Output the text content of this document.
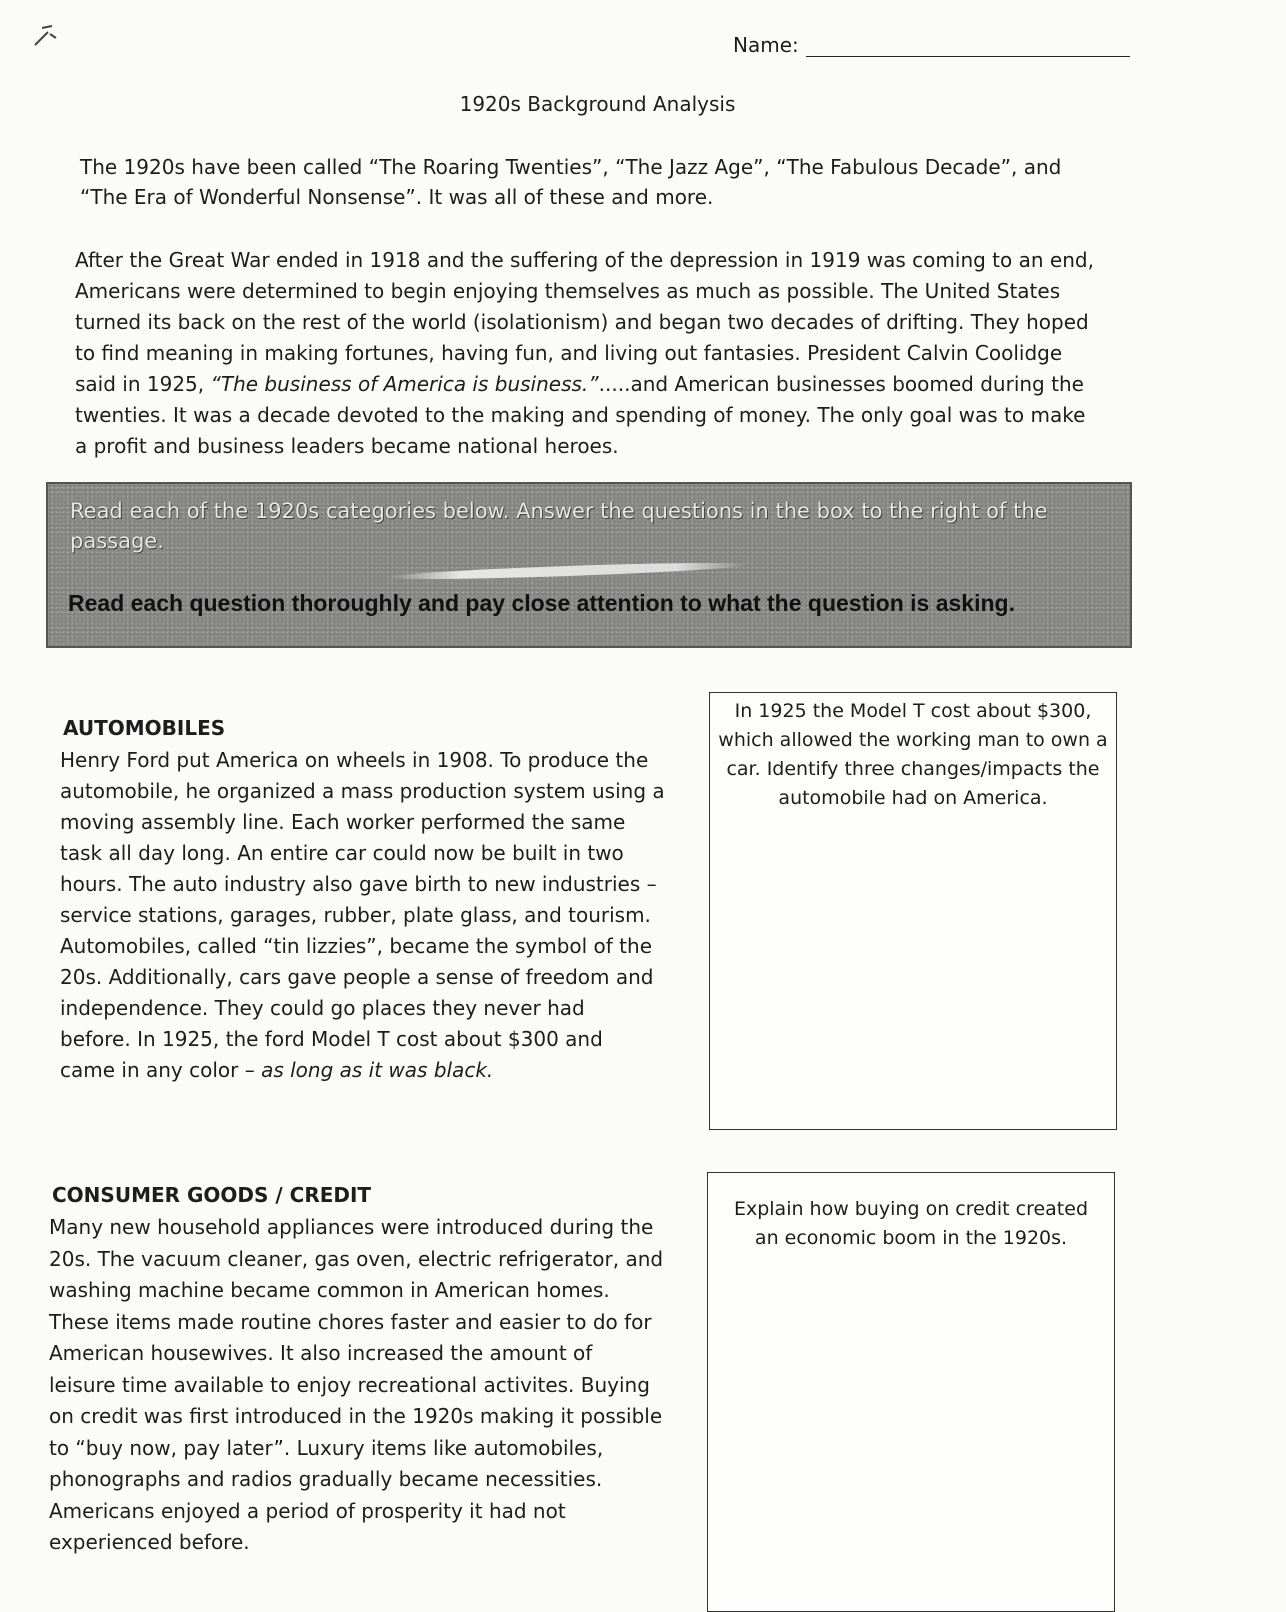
Name:
1920s Background Analysis
The 1920s have been called “The Roaring Twenties”, “The Jazz Age”, “The Fabulous Decade”, and
“The Era of Wonderful Nonsense”. It was all of these and more.
After the Great War ended in 1918 and the suffering of the depression in 1919 was coming to an end,
Americans were determined to begin enjoying themselves as much as possible. The United States
turned its back on the rest of the world (isolationism) and began two decades of drifting. They hoped
to find meaning in making fortunes, having fun, and living out fantasies. President Calvin Coolidge
said in 1925, “The business of America is business.”.....and American businesses boomed during the
twenties. It was a decade devoted to the making and spending of money. The only goal was to make
a profit and business leaders became national heroes.
Read each of the 1920s categories below. Answer the questions in the box to the right of the passage.
Read each question thoroughly and pay close attention to what the question is asking.
AUTOMOBILES
Henry Ford put America on wheels in 1908. To produce the
automobile, he organized a mass production system using a
moving assembly line. Each worker performed the same
task all day long. An entire car could now be built in two
hours. The auto industry also gave birth to new industries –
service stations, garages, rubber, plate glass, and tourism.
Automobiles, called “tin lizzies”, became the symbol of the
20s. Additionally, cars gave people a sense of freedom and
independence. They could go places they never had
before. In 1925, the ford Model T cost about $300 and
came in any color – as long as it was black.
In 1925 the Model T cost about $300,
which allowed the working man to own a
car. Identify three changes/impacts the
automobile had on America.
CONSUMER GOODS / CREDIT
Many new household appliances were introduced during the
20s. The vacuum cleaner, gas oven, electric refrigerator, and
washing machine became common in American homes.
These items made routine chores faster and easier to do for
American housewives. It also increased the amount of
leisure time available to enjoy recreational activites. Buying
on credit was first introduced in the 1920s making it possible
to “buy now, pay later”. Luxury items like automobiles,
phonographs and radios gradually became necessities.
Americans enjoyed a period of prosperity it had not
experienced before.
Explain how buying on credit created
an economic boom in the 1920s.
